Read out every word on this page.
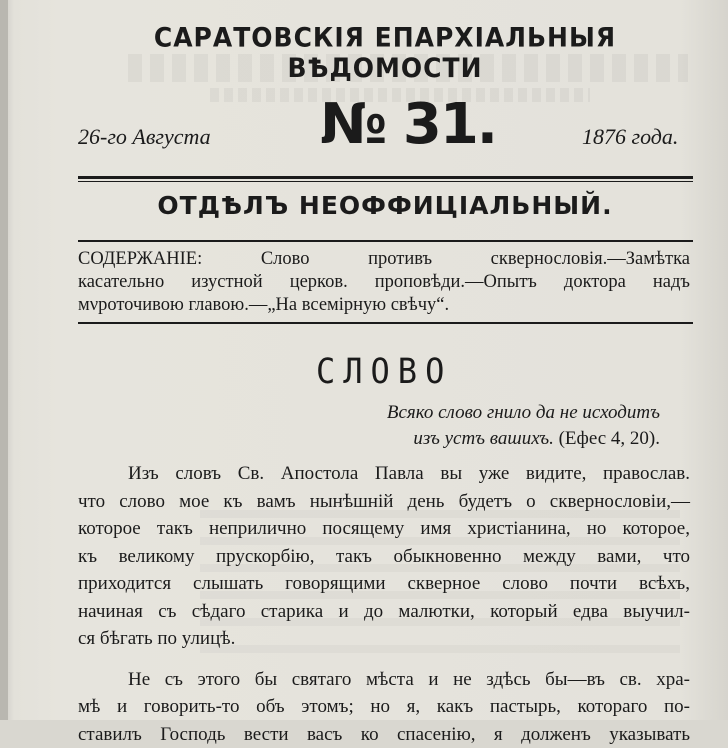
САРАТОВСКІЯ ЕПАРХІАЛЬНЫЯ ВѢДОМОСТИ
26-го Августа № 31.	1876 года.
ОТДѢЛЪ НЕОФФИЦІАЛЬНЫЙ.
СОДЕРЖАНІЕ: Слово противъ сквернословія.—Замѣтка
касательно изустной церков. проповѣди.—Опытъ доктора надъ
мνроточивою главою.—„На всемірную свѣчу“.
СЛОВО
Всяко слово гнило да не исходитъ
изъ устъ вашихъ. (Ефес 4, 20).
Изъ словъ Св. Апостола Павла вы уже видите, православ.
что слово мое къ вамъ нынѣшній день будетъ о сквернословіи,—
которое такъ неприлично посящему имя христіанина, но которое,
къ великому прускорбію, такъ обыкновенно между вами, что
приходится слышать говорящими скверное слово почти всѣхъ,
начиная съ сѣдаго старика и до малютки, который едва выучил-
ся бѣгать по улицѣ.
Не съ этого бы святаго мѣста и не здѣсь бы—въ св. хра-
мѣ и говорить-то объ этомъ; но я, какъ пастырь, котораго по-
ставилъ Господь вести васъ ко спасенію, я долженъ указывать
